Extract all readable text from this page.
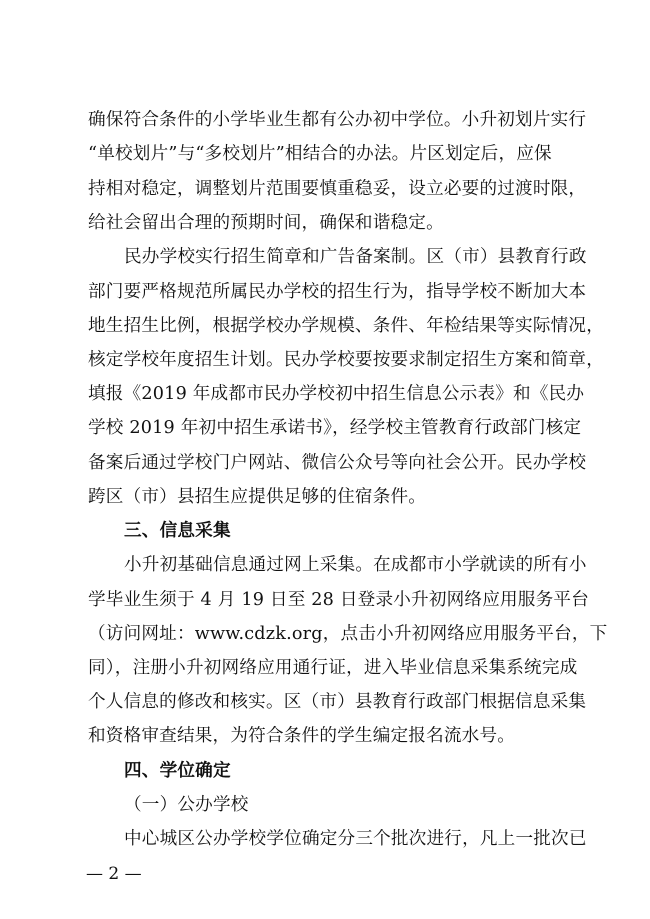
确保符合条件的小学毕业生都有公办初中学位。小升初划片实行
“单校划片”与“多校划片”相结合的办法。片区划定后，应保
持相对稳定，调整划片范围要慎重稳妥，设立必要的过渡时限，
给社会留出合理的预期时间，确保和谐稳定。
民办学校实行招生简章和广告备案制。区（市）县教育行政
部门要严格规范所属民办学校的招生行为，指导学校不断加大本
地生招生比例，根据学校办学规模、条件、年检结果等实际情况，
核定学校年度招生计划。民办学校要按要求制定招生方案和简章，
填报《2019 年成都市民办学校初中招生信息公示表》和《民办
学校 2019 年初中招生承诺书》，经学校主管教育行政部门核定
备案后通过学校门户网站、微信公众号等向社会公开。民办学校
跨区（市）县招生应提供足够的住宿条件。
三、信息采集
小升初基础信息通过网上采集。在成都市小学就读的所有小
学毕业生须于 4 月 19 日至 28 日登录小升初网络应用服务平台
（访问网址：www.cdzk.org，点击小升初网络应用服务平台，下
同），注册小升初网络应用通行证，进入毕业信息采集系统完成
个人信息的修改和核实。区（市）县教育行政部门根据信息采集
和资格审查结果，为符合条件的学生编定报名流水号。
四、学位确定
（一）公办学校
中心城区公办学校学位确定分三个批次进行，凡上一批次已
— 2 —
